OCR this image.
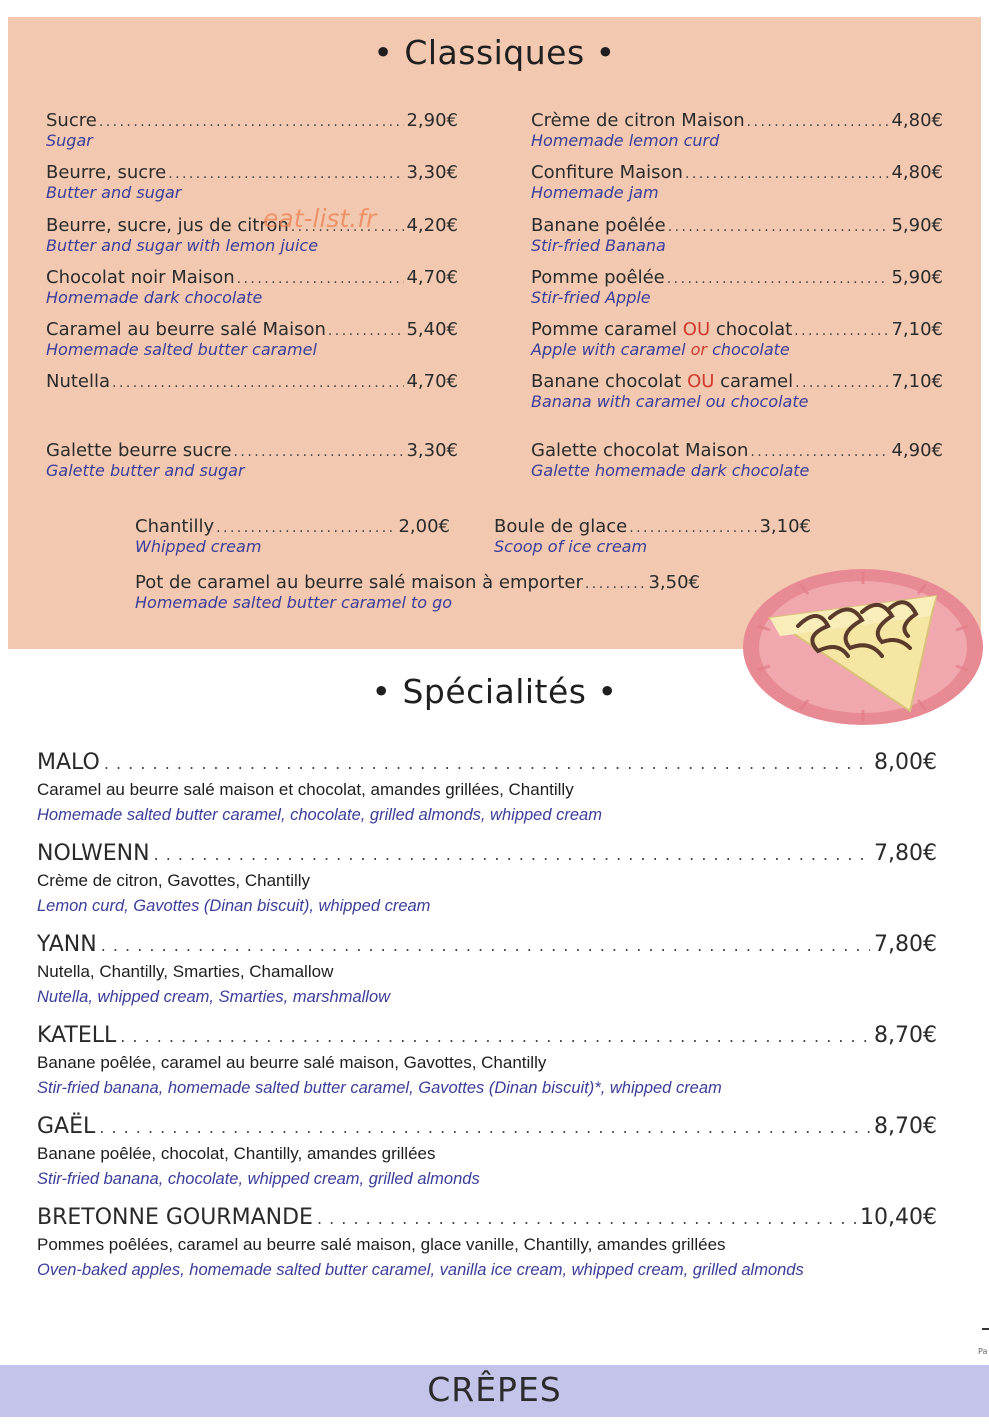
• Classiques •
Sucre . . .	2,90€
Sugar
Beurre, sucre . . .	3,30€
Butter and sugar
Beurre, sucre, jus de citron . . .	4,20€
Butter and sugar with lemon juice
Chocolat noir Maison . . .	4,70€
Homemade dark chocolate
Caramel au beurre salé Maison . . .	5,40€
Homemade salted butter caramel
Nutella . . .	4,70€
Galette beurre sucre . . .	3,30€
Galette butter and sugar
eat-list.fr
Crème de citron Maison . . .	4,80€
Homemade lemon curd
Confiture Maison . . .	4,80€
Homemade jam
Banane poêlée . . .	5,90€
Stir-fried Banana
Pomme poêlée . . .	5,90€
Stir-fried Apple
Pomme caramel OU chocolat . . .	7,10€
Apple with caramel or chocolate
Banane chocolat OU caramel . . .	7,10€
Banana with caramel ou chocolate
Galette chocolat Maison . . .	4,90€
Galette homemade dark chocolate
Chantilly . . .	2,00€
Whipped cream
Boule de glace . . .	3,10€
Scoop of ice cream
Pot de caramel au beurre salé maison à emporter . . .	3,50€
Homemade salted butter caramel to go
• Spécialités •
MALO . . .	8,00€
Caramel au beurre salé maison et chocolat, amandes grillées, Chantilly
Homemade salted butter caramel, chocolate, grilled almonds, whipped cream
NOLWENN . . .	7,80€
Crème de citron, Gavottes, Chantilly
Lemon curd, Gavottes (Dinan biscuit), whipped cream
YANN . . .	7,80€
Nutella, Chantilly, Smarties, Chamallow
Nutella, whipped cream, Smarties, marshmallow
KATELL . . .	8,70€
Banane poêlée, caramel au beurre salé maison, Gavottes, Chantilly
Stir-fried banana, homemade salted butter caramel, Gavottes (Dinan biscuit)*, whipped cream
GAËL . . .	8,70€
Banane poêlée, chocolat, Chantilly, amandes grillées
Stir-fried banana, chocolate, whipped cream, grilled almonds
BRETONNE GOURMANDE . . .	10,40€
Pommes poêlées, caramel au beurre salé maison, glace vanille, Chantilly, amandes grillées
Oven-baked apples, homemade salted butter caramel, vanilla ice cream, whipped cream, grilled almonds
Pa
CRÊPES
